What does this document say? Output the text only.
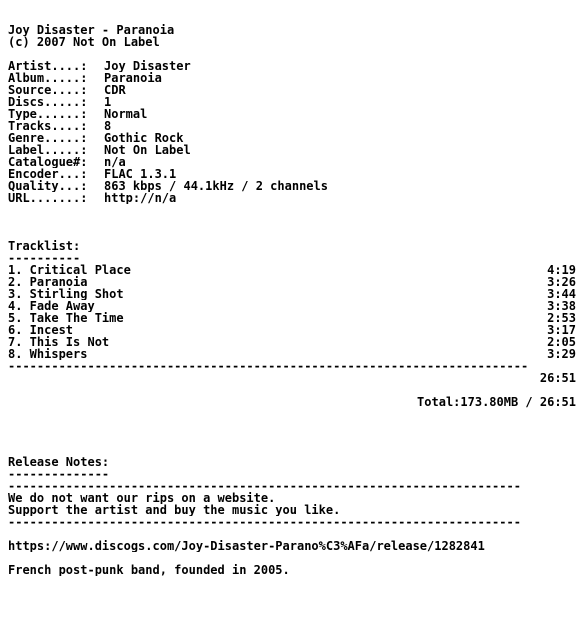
Joy Disaster - Paranoia
(c) 2007 Not On Label
Artist....: Joy Disaster
Album.....: Paranoia
Source....: CDR
Discs.....: 1
Type......: Normal
Tracks....: 8
Genre.....: Gothic Rock
Label.....: Not On Label
Catalogue#: n/a
Encoder...: FLAC 1.3.1
Quality...: 863 kbps / 44.1kHz / 2 channels
URL.......: http://n/a
Tracklist:
----------
1. Critical Place	4:19
2. Paranoia	3:26
3. Stirling Shot	3:44
4. Fade Away	3:38
5. Take The Time	2:53
6. Incest	3:17
7. This Is Not	2:05
8. Whispers	3:29
------------------------------------------------------------------------
26:51
Total:173.80MB / 26:51
Release Notes:
--------------
-----------------------------------------------------------------------
We do not want our rips on a website.
Support the artist and buy the music you like.
-----------------------------------------------------------------------
https://www.discogs.com/Joy-Disaster-Parano%C3%AFa/release/1282841
French post-punk band, founded in 2005.
